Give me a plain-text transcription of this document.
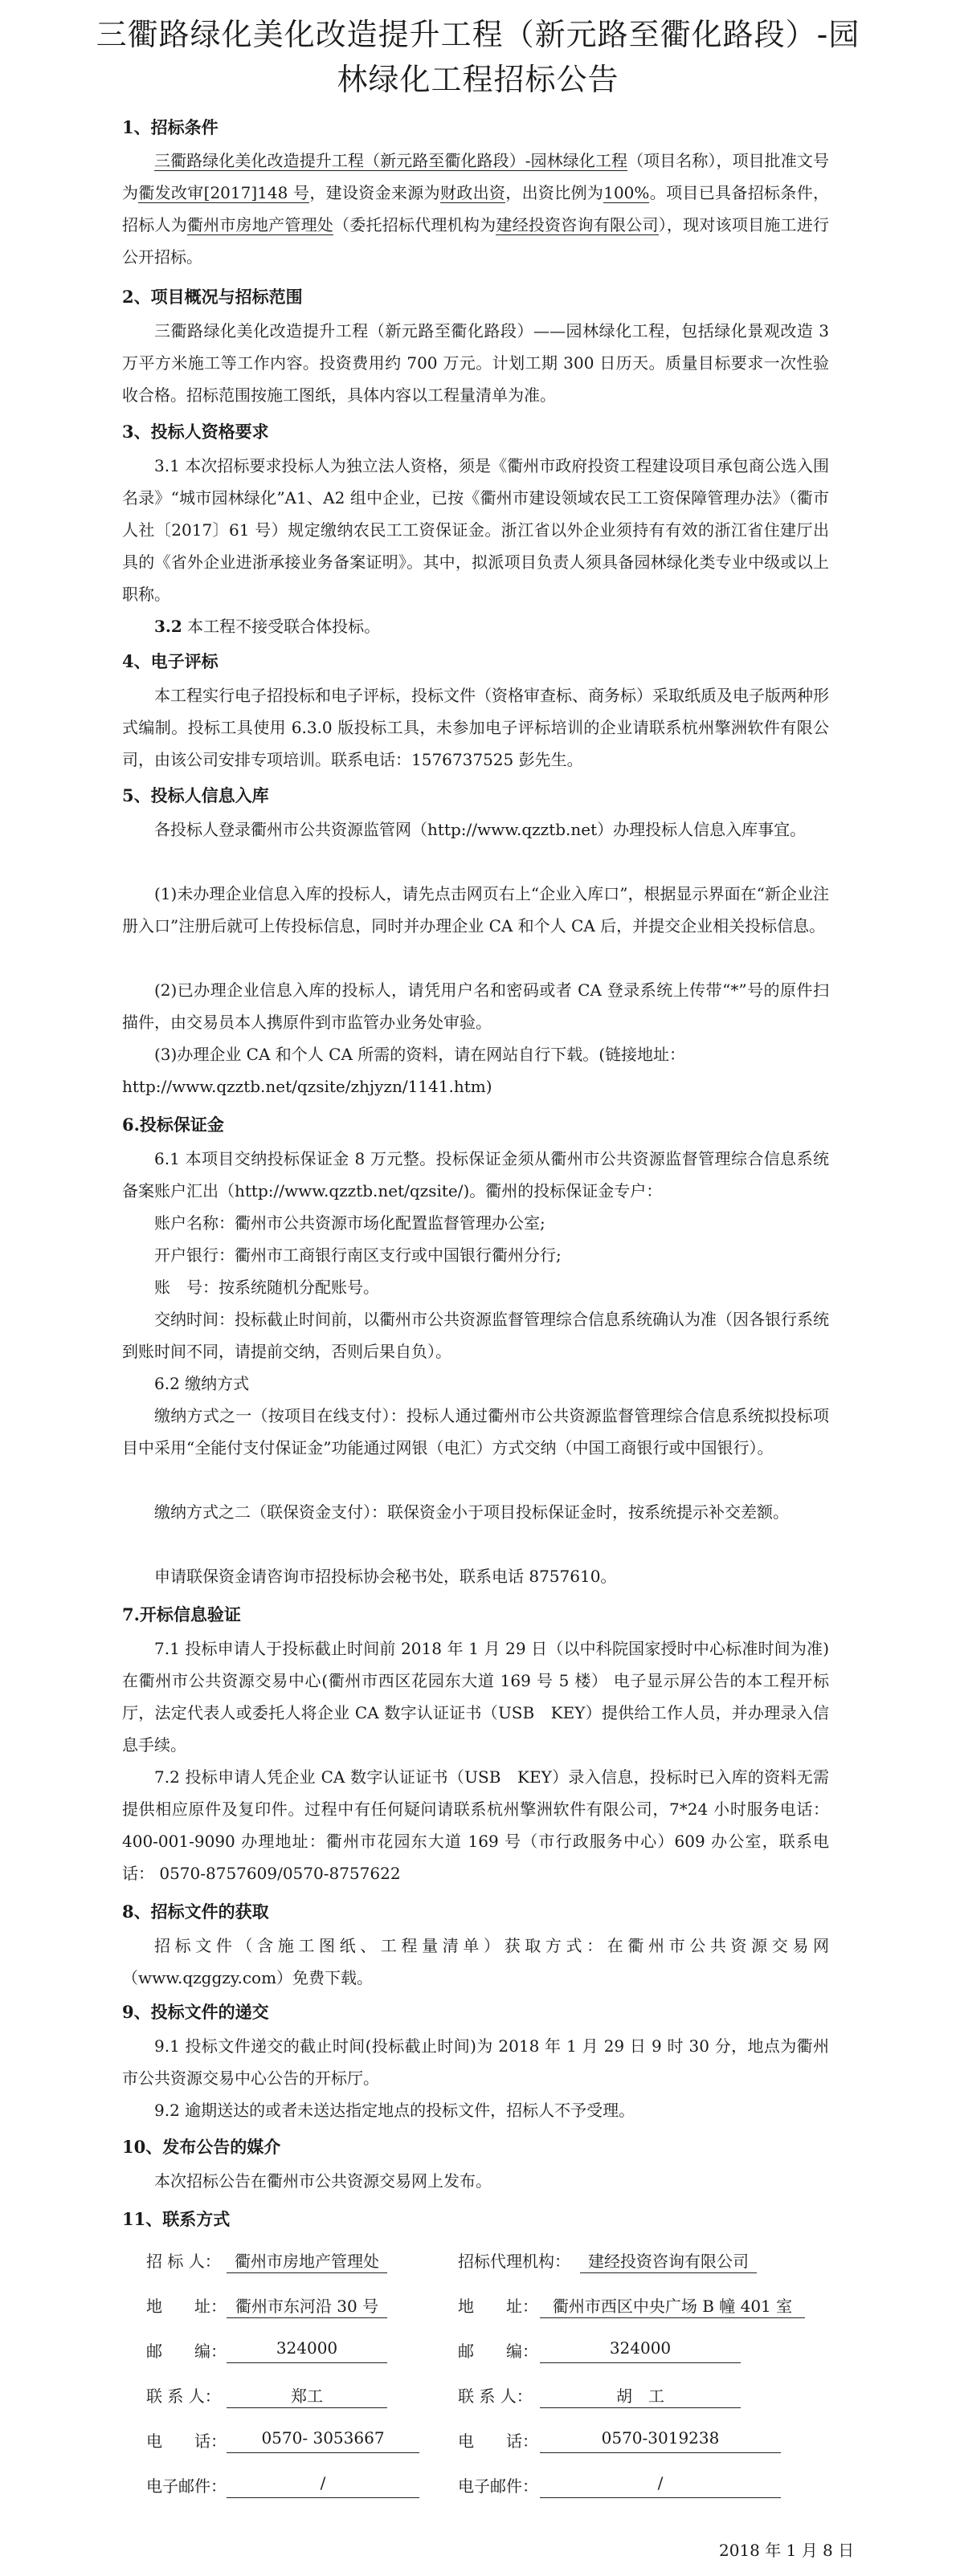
三衢路绿化美化改造提升工程（新元路至衢化路段）-园
林绿化工程招标公告
1、招标条件
三衢路绿化美化改造提升工程（新元路至衢化路段）-园林绿化工程（项目名称），项目批准文号为衢发改审[2017]148 号，建设资金来源为财政出资，出资比例为100%。项目已具备招标条件，招标人为衢州市房地产管理处（委托招标代理机构为建经投资咨询有限公司），现对该项目施工进行公开招标。
2、项目概况与招标范围
三衢路绿化美化改造提升工程（新元路至衢化路段）——园林绿化工程，包括绿化景观改造 3 万平方米施工等工作内容。投资费用约 700 万元。计划工期 300 日历天。质量目标要求一次性验收合格。招标范围按施工图纸，具体内容以工程量清单为准。
3、投标人资格要求
3.1 本次招标要求投标人为独立法人资格，须是《衢州市政府投资工程建设项目承包商公选入围名录》“城市园林绿化”A1、A2 组中企业，已按《衢州市建设领域农民工工资保障管理办法》（衢市人社〔2017〕61 号）规定缴纳农民工工资保证金。浙江省以外企业须持有有效的浙江省住建厅出具的《省外企业进浙承接业务备案证明》。其中，拟派项目负责人须具备园林绿化类专业中级或以上职称。
3.2 本工程不接受联合体投标。
4、电子评标
本工程实行电子招投标和电子评标，投标文件（资格审查标、商务标）采取纸质及电子版两种形式编制。投标工具使用 6.3.0 版投标工具，未参加电子评标培训的企业请联系杭州擎洲软件有限公司，由该公司安排专项培训。联系电话：1576737525 彭先生。
5、投标人信息入库
各投标人登录衢州市公共资源监管网（http://www.qzztb.net）办理投标人信息入库事宜。
(1)未办理企业信息入库的投标人，请先点击网页右上“企业入库口”，根据显示界面在“新企业注册入口”注册后就可上传投标信息，同时并办理企业 CA 和个人 CA 后，并提交企业相关投标信息。
(2)已办理企业信息入库的投标人，请凭用户名和密码或者 CA 登录系统上传带“*”号的原件扫描件，由交易员本人携原件到市监管办业务处审验。
(3)办理企业 CA 和个人 CA 所需的资料，请在网站自行下载。(链接地址：
http://www.qzztb.net/qzsite/zhjyzn/1141.htm)
6.投标保证金
6.1 本项目交纳投标保证金 8 万元整。投标保证金须从衢州市公共资源监督管理综合信息系统备案账户汇出（http://www.qzztb.net/qzsite/)。衢州的投标保证金专户：
账户名称：衢州市公共资源市场化配置监督管理办公室;
开户银行：衢州市工商银行南区支行或中国银行衢州分行;
账　号：按系统随机分配账号。
交纳时间：投标截止时间前，以衢州市公共资源监督管理综合信息系统确认为准（因各银行系统到账时间不同，请提前交纳，否则后果自负）。
6.2 缴纳方式
缴纳方式之一（按项目在线支付）：投标人通过衢州市公共资源监督管理综合信息系统拟投标项目中采用“全能付支付保证金”功能通过网银（电汇）方式交纳（中国工商银行或中国银行）。
缴纳方式之二（联保资金支付）：联保资金小于项目投标保证金时，按系统提示补交差额。
申请联保资金请咨询市招投标协会秘书处，联系电话 8757610。
7.开标信息验证
7.1 投标申请人于投标截止时间前 2018 年 1 月 29 日（以中科院国家授时中心标准时间为准)在衢州市公共资源交易中心(衢州市西区花园东大道 169 号 5 楼） 电子显示屏公告的本工程开标厅，法定代表人或委托人将企业 CA 数字认证证书（USB　KEY）提供给工作人员，并办理录入信息手续。
7.2 投标申请人凭企业 CA 数字认证证书（USB　KEY）录入信息，投标时已入库的资料无需提供相应原件及复印件。过程中有任何疑问请联系杭州擎洲软件有限公司，7*24 小时服务电话：400-001-9090 办理地址：衢州市花园东大道 169 号（市行政服务中心）609 办公室，联系电话： 0570-8757609/0570-8757622
8、招标文件的获取
招标文件（含施工图纸、工程量清单）获取方式：在衢州市公共资源交易网（www.qzggzy.com）免费下载。
9、投标文件的递交
9.1 投标文件递交的截止时间(投标截止时间)为 2018 年 1 月 29 日 9 时 30 分，地点为衢州市公共资源交易中心公告的开标厅。
9.2 逾期送达的或者未送达指定地点的投标文件，招标人不予受理。
10、发布公告的媒介
本次招标公告在衢州市公共资源交易网上发布。
11、联系方式
招 标 人： 衢州市房地产管理处	招标代理机构：	建经投资咨询有限公司
地　　址： 衢州市东河沿 30 号	地　　址： 衢州市西区中央广场 B 幢 401 室
邮　　编：	324000	邮　　编：	324000
联 系 人：	郑工	联 系 人：	胡　工
电　　话：	0570- 3053667	电　　话：	0570-3019238
电子邮件：	/	电子邮件：	/
2018 年 1 月 8 日
